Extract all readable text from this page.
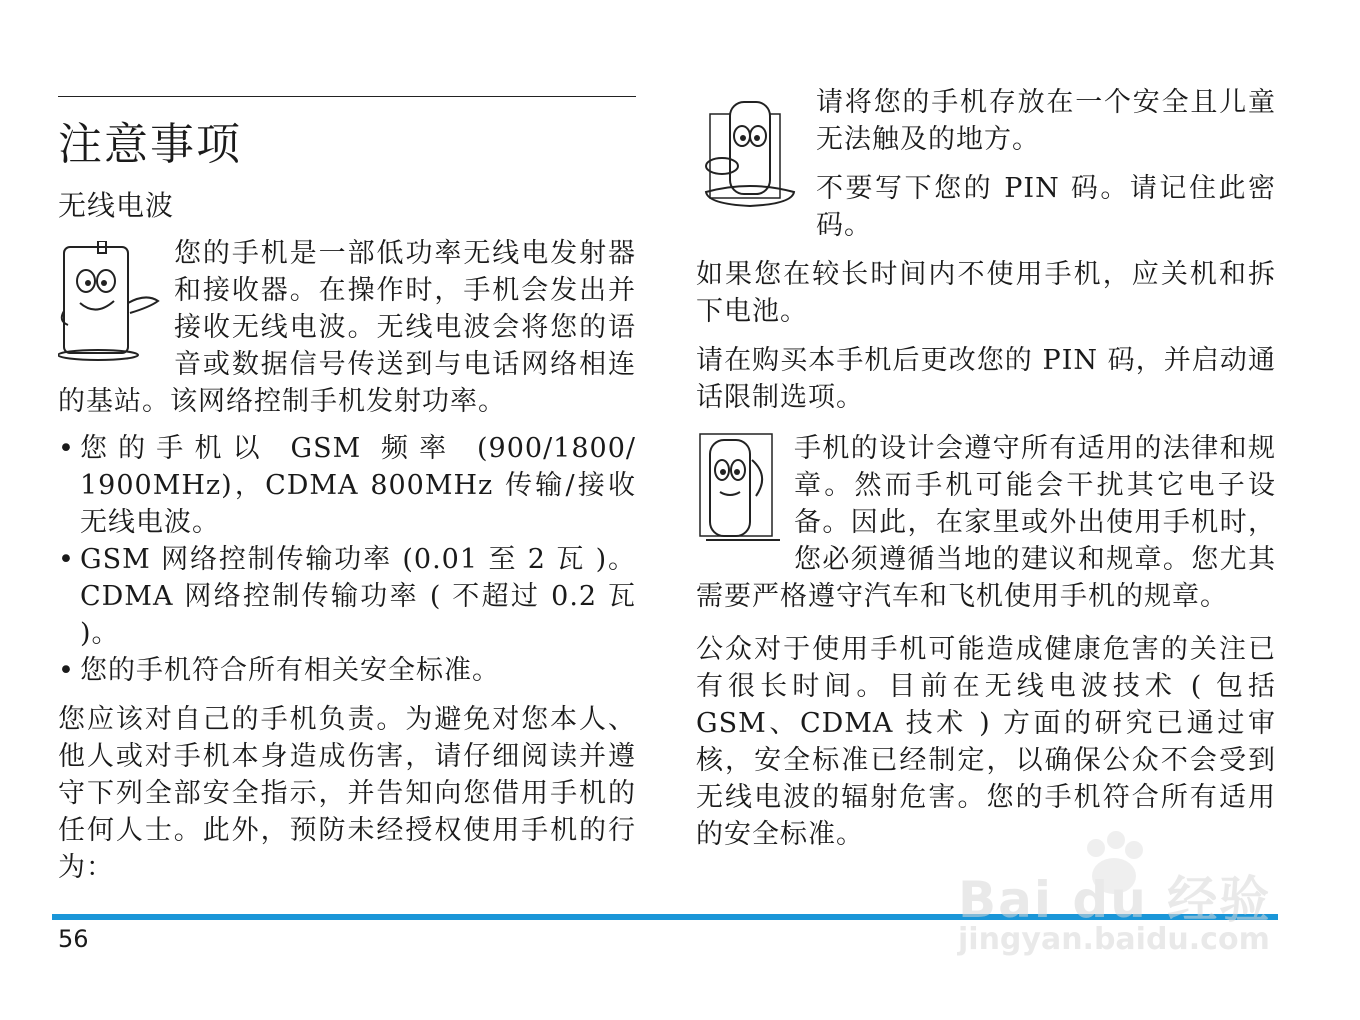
注意事项
无线电波

您的手机是一部低功率无线电发射器和接收器。在操作时，手机会发出并接收无线电波。无线电波会将您的语音或数据信号传送到与电话网络相连的基站。该网络控制手机发射功率。

• 您的手机以 GSM 频率 (900/1800/
1900MHz)，CDMA 800MHz 传输/接收无线电波。
• GSM 网络控制传输功率 (0.01 至 2 瓦 )。CDMA 网络控制传输功率 ( 不超过 0.2 瓦 )。
• 您的手机符合所有相关安全标准。

您应该对自己的手机负责。为避免对您本人、他人或对手机本身造成伤害，请仔细阅读并遵守下列全部安全指示，并告知向您借用手机的任何人士。此外，预防未经授权使用手机的行为：

请将您的手机存放在一个安全且儿童无法触及的地方。

不要写下您的 PIN 码。请记住此密码。

如果您在较长时间内不使用手机，应关机和拆下电池。

请在购买本手机后更改您的 PIN 码，并启动通话限制选项。

手机的设计会遵守所有适用的法律和规章。然而手机可能会干扰其它电子设备。因此，在家里或外出使用手机时，您必须遵循当地的建议和规章。您尤其需要严格遵守汽车和飞机使用手机的规章。

公众对于使用手机可能造成健康危害的关注已有很长时间。目前在无线电波技术 ( 包括 GSM、CDMA 技术 ) 方面的研究已通过审核，安全标准已经制定，以确保公众不会受到无线电波的辐射危害。您的手机符合所有适用的安全标准。

56
Bai du 经验
jingyan.baidu.com
